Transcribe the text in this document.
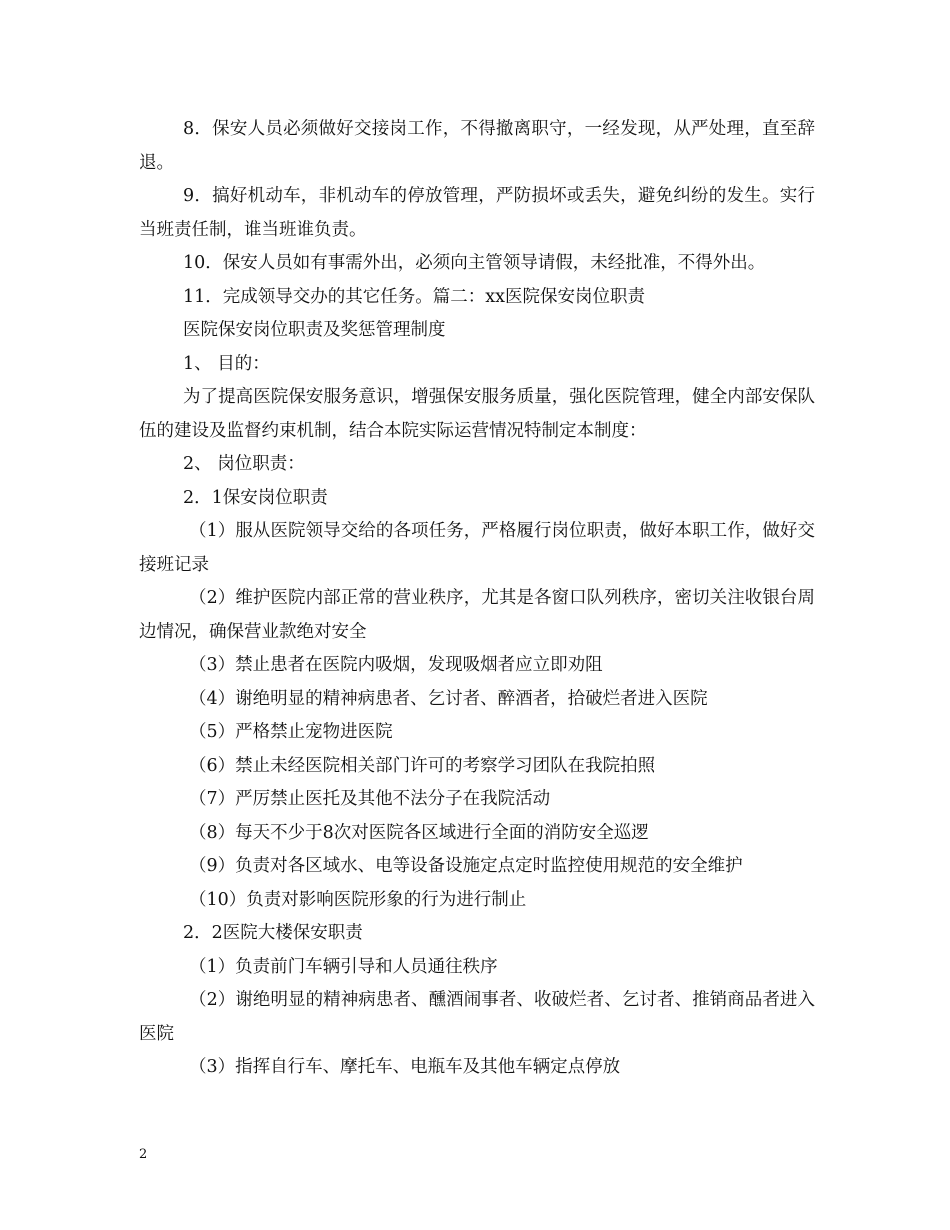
8．保安人员必须做好交接岗工作，不得撤离职守，一经发现，从严处理，直至辞退。

9．搞好机动车，非机动车的停放管理，严防损坏或丢失，避免纠纷的发生。实行当班责任制，谁当班谁负责。

10．保安人员如有事需外出，必须向主管领导请假，未经批准，不得外出。

11．完成领导交办的其它任务。篇二：xx医院保安岗位职责

医院保安岗位职责及奖惩管理制度

1、 目的：

为了提高医院保安服务意识，增强保安服务质量，强化医院管理，健全内部安保队伍的建设及监督约束机制，结合本院实际运营情况特制定本制度：

2、 岗位职责：

2．1保安岗位职责

（1）服从医院领导交给的各项任务，严格履行岗位职责，做好本职工作，做好交接班记录

（2）维护医院内部正常的营业秩序，尤其是各窗口队列秩序，密切关注收银台周边情况，确保营业款绝对安全

（3）禁止患者在医院内吸烟，发现吸烟者应立即劝阻

（4）谢绝明显的精神病患者、乞讨者、醉酒者，拾破烂者进入医院

（5）严格禁止宠物进医院

（6）禁止未经医院相关部门许可的考察学习团队在我院拍照

（7）严厉禁止医托及其他不法分子在我院活动

（8）每天不少于8次对医院各区域进行全面的消防安全巡逻

（9）负责对各区域水、电等设备设施定点定时监控使用规范的安全维护

（10）负责对影响医院形象的行为进行制止

2．2医院大楼保安职责

（1）负责前门车辆引导和人员通往秩序

（2）谢绝明显的精神病患者、醺酒闹事者、收破烂者、乞讨者、推销商品者进入医院

（3）指挥自行车、摩托车、电瓶车及其他车辆定点停放

2
